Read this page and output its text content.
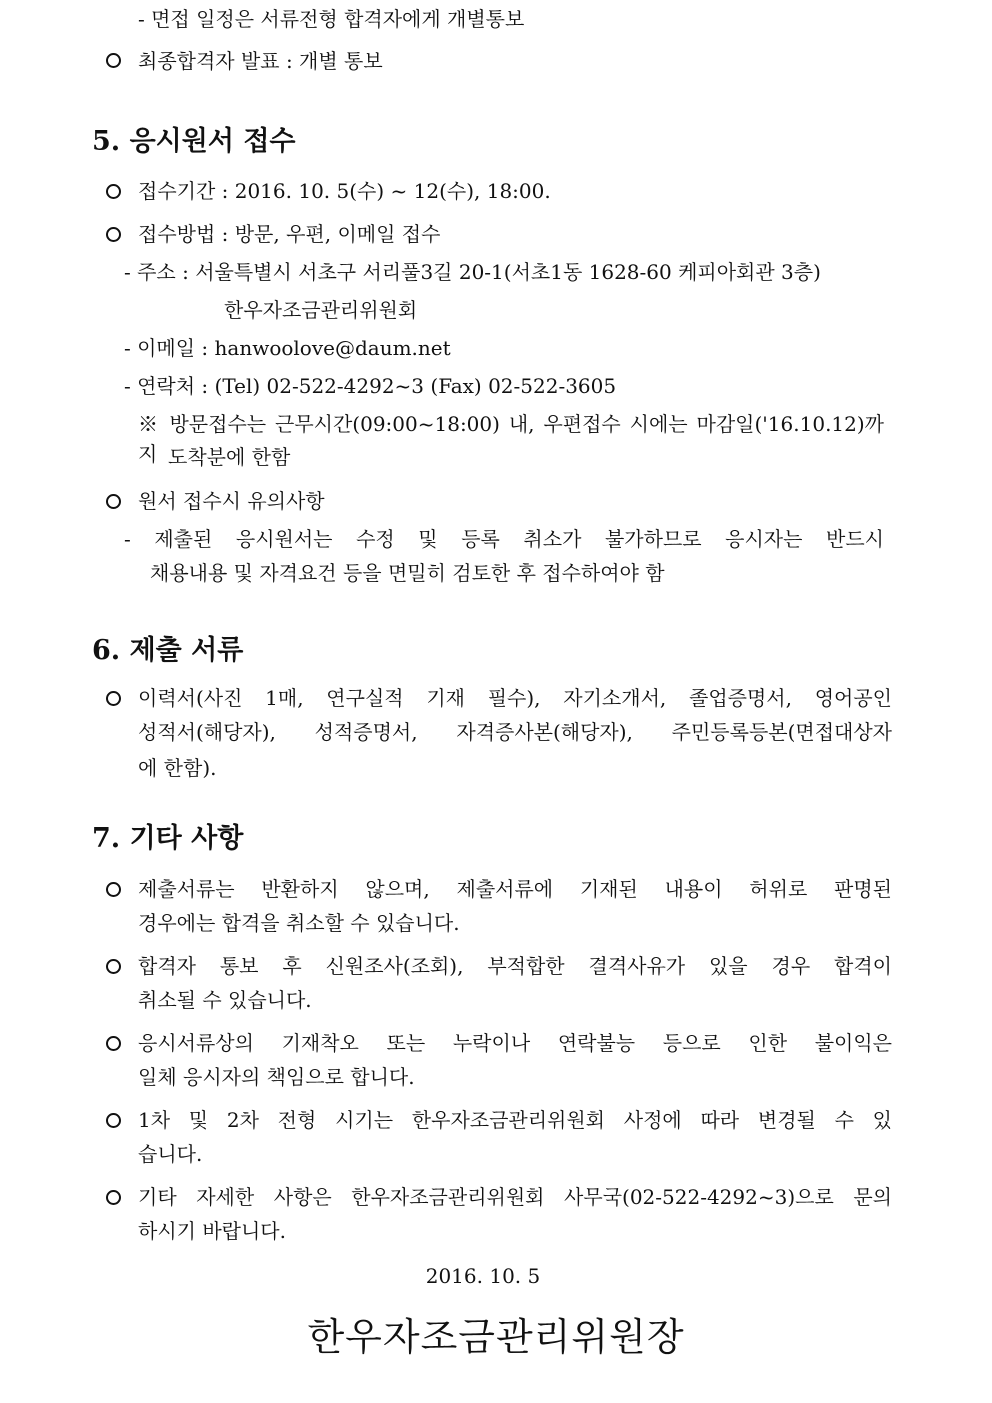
- 면접 일정은 서류전형 합격자에게 개별통보
최종합격자 발표 : 개별 통보
5. 응시원서 접수
접수기간 : 2016. 10. 5(수) ~ 12(수), 18:00.
접수방법 : 방문, 우편, 이메일 접수
- 주소 : 서울특별시 서초구 서리풀3길 20-1(서초1동 1628-60 케피아회관 3층)
한우자조금관리위원회
- 이메일 : hanwoolove@daum.net
- 연락처 : (Tel) 02-522-4292~3 (Fax) 02-522-3605
※ 방문접수는 근무시간(09:00~18:00) 내, 우편접수 시에는 마감일('16.10.12)까지 도착분에 한함
원서 접수시 유의사항
- 제출된 응시원서는 수정 및 등록 취소가 불가하므로 응시자는 반드시
채용내용 및 자격요건 등을 면밀히 검토한 후 접수하여야 함
6. 제출 서류
이력서(사진 1매, 연구실적 기재 필수), 자기소개서, 졸업증명서, 영어공인
성적서(해당자), 성적증명서, 자격증사본(해당자), 주민등록등본(면접대상자
에 한함).
7. 기타 사항
제출서류는 반환하지 않으며, 제출서류에 기재된 내용이 허위로 판명된
경우에는 합격을 취소할 수 있습니다.
합격자 통보 후 신원조사(조회), 부적합한 결격사유가 있을 경우 합격이
취소될 수 있습니다.
응시서류상의 기재착오 또는 누락이나 연락불능 등으로 인한 불이익은
일체 응시자의 책임으로 합니다.
1차 및 2차 전형 시기는 한우자조금관리위원회 사정에 따라 변경될 수 있
습니다.
기타 자세한 사항은 한우자조금관리위원회 사무국(02-522-4292~3)으로 문의
하시기 바랍니다.
2016. 10. 5
한우자조금관리위원장
